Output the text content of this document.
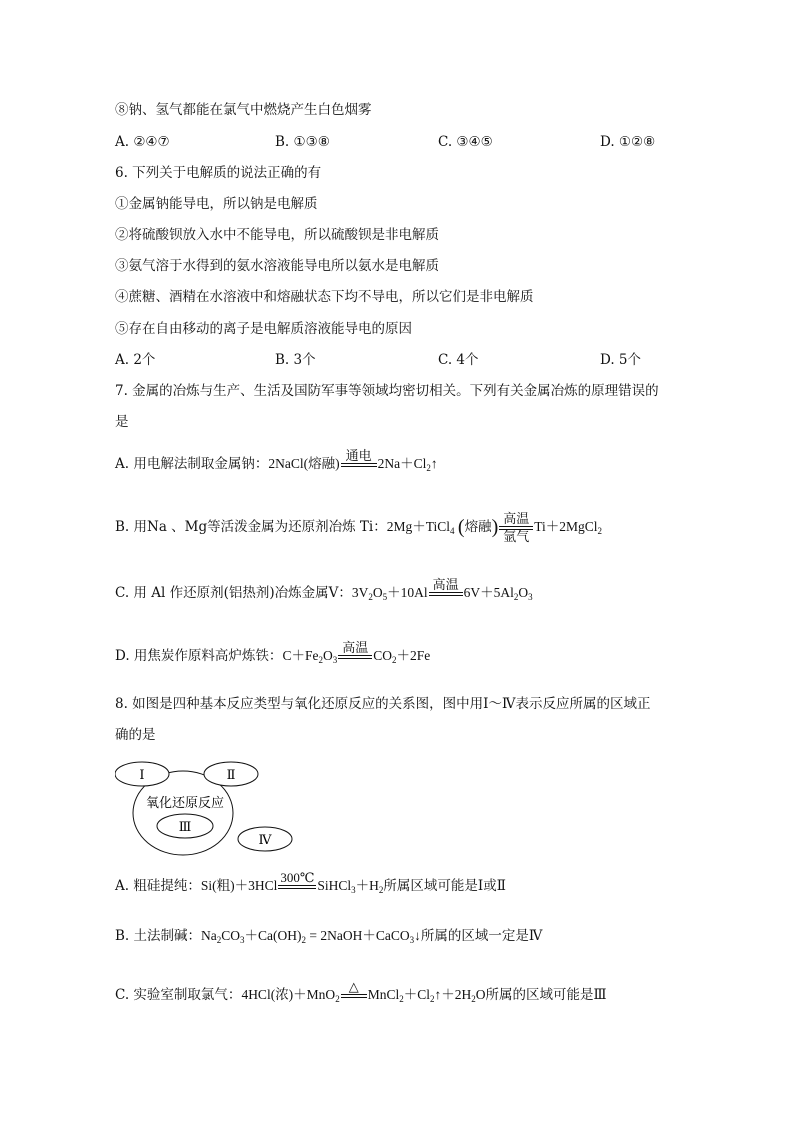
⑧钠、氢气都能在氯气中燃烧产生白色烟雾
A. ②④⑦	B. ①③⑧	C. ③④⑤	D. ①②⑧
6. 下列关于电解质的说法正确的有
①金属钠能导电，所以钠是电解质
②将硫酸钡放入水中不能导电，所以硫酸钡是非电解质
③氨气溶于水得到的氨水溶液能导电所以氨水是电解质
④蔗糖、酒精在水溶液中和熔融状态下均不导电，所以它们是非电解质
⑤存在自由移动的离子是电解质溶液能导电的原因
A. 2个	B. 3个	C. 4个	D. 5个
7. 金属的冶炼与生产、生活及国防军事等领域均密切相关。下列有关金属冶炼的原理错误的
是
A. 用电解法制取金属钠：2NaCl(熔融)
通电

$2Na+Cl_2↑$
B. 用Na 、Mg等活泼金属为还原剂冶炼 Ti：2Mg＋TiCl$_4$ (熔融) 高温
氩气
Ti＋2MgCl$_2$
C. 用 Al 作还原剂(铝热剂)冶炼金属V：$3V_2O_5+10Al$
高温

$6V+5Al_2O_3$
D. 用焦炭作原料高炉炼铁：$C+Fe_2O_3$
高温

$CO_2+2Fe$
8. 如图是四种基本反应类型与氧化还原反应的关系图，图中用Ⅰ～Ⅳ表示反应所属的区域正
确的是
Ⅰ	Ⅱ
氧化还原反应
Ⅲ
Ⅳ
A. 粗硅提纯：Si(粗)＋3HCl
300℃

$SiHCl_3+H_2$所属区域可能是Ⅰ或Ⅱ
B. 土法制碱：$Na_2CO_3+Ca(OH)_2$ = 2NaOH＋CaCO$_3$↓所属的区域一定是Ⅳ
C. 实验室制取氯气：4HCl(浓)＋MnO$_2$
△

$MnCl_2+Cl_2↑+2H_2O$所属的区域可能是Ⅲ
